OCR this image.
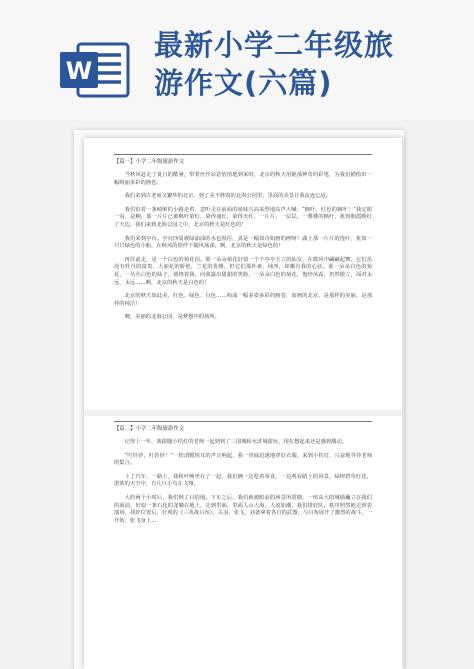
W
最新小学二年级旅
游作文(六篇)
【篇一】小学二年级旅游作文

当秋风赶走了夏日的酷暑，带着丝丝凉意悄悄地到来时，北京的秋天用她那神奇的彩笔，为我们描绘出一幅绚丽多彩的画卷。

我们来到古老而又繁华的北京，到了美不胜收的北海公园里，里面的美景让我流连忘返。

我们沿着一条崎岖的小路走着，忽听走在前面的妹妹兴高采烈地高声大喊：“枫叶，红色的枫叶！”我定眼一看，是啊，那一片片已被枫叶染红，染得通红，染得火红，一片片，一层层，一叠叠的枫叶，犹如朝霞映红了天边。我们来到北海公园之中，北京的秋天是红色的！

我们来到亭台。亭台四周被绿油油的水包围住，真是一幅如诗如画的画呀！湖上那一片片的莲叶，犹如一只只绿色的小船，在秋风的陪伴下随风荡漾。啊，北京的秋天是绿色的！

再往前走，是一个白色的菊花园。那一朵朵菊花好似一个个亭亭玉立的仙女，在微风中翩翩起舞。它们虽没有牡丹的富贵，大丽花的娇艳，兰花的优雅，但它们那朴素、纯净，却哪有我的心弦。那一朵朵白色的菊花，一丛丛白色的仙子，倚绕着我，向我露出甜甜的笑脸，一朵朵白色的菊花，饱经风霜，仍然傲立，面对永远，永远……啊，北京的秋天是白色的！

北京的秋天如此美，红色、绿色、白色……构成一幅多姿多彩的画卷，如画的北京，是那样的美丽，是那样的纯洁！

噢，美丽的北海公园，是梦想中的场所。

【篇二】小学二年级旅游作文

记得上一年，我跟随小桔灯的老师一起到到了三国城和水浒城游玩，现在想起来还是感到激动。

“叮铃铃，叮铃铃！”一阵清脆悦耳的声音响起，我一骨碌迅速地穿好衣服，来到小桔灯，兴奋地等待老师的集合。

上了汽车，一路上，我和叶畅坐在了一起，我们俩一边吃着零食，一边观看路上的风景，绿树碧草红花，湛蓝的天空中，有几只小鸟在飞翔。

大约两个小时后，我们到了目的地。下车之后，我们就被眼前的场景所震撼，一座高大的城墙矗立在我们的面前，好似一条石化的龙躺在地上，走到里面，里面人山人海，人流如潮，我们排好队，秩序照然地走到表演场，找好位置后，壮观的《三英战吕布》，关羽，张飞，刘备拿着各自的武器，与吕布展开了激烈的战斗，一开始，张飞身上...
